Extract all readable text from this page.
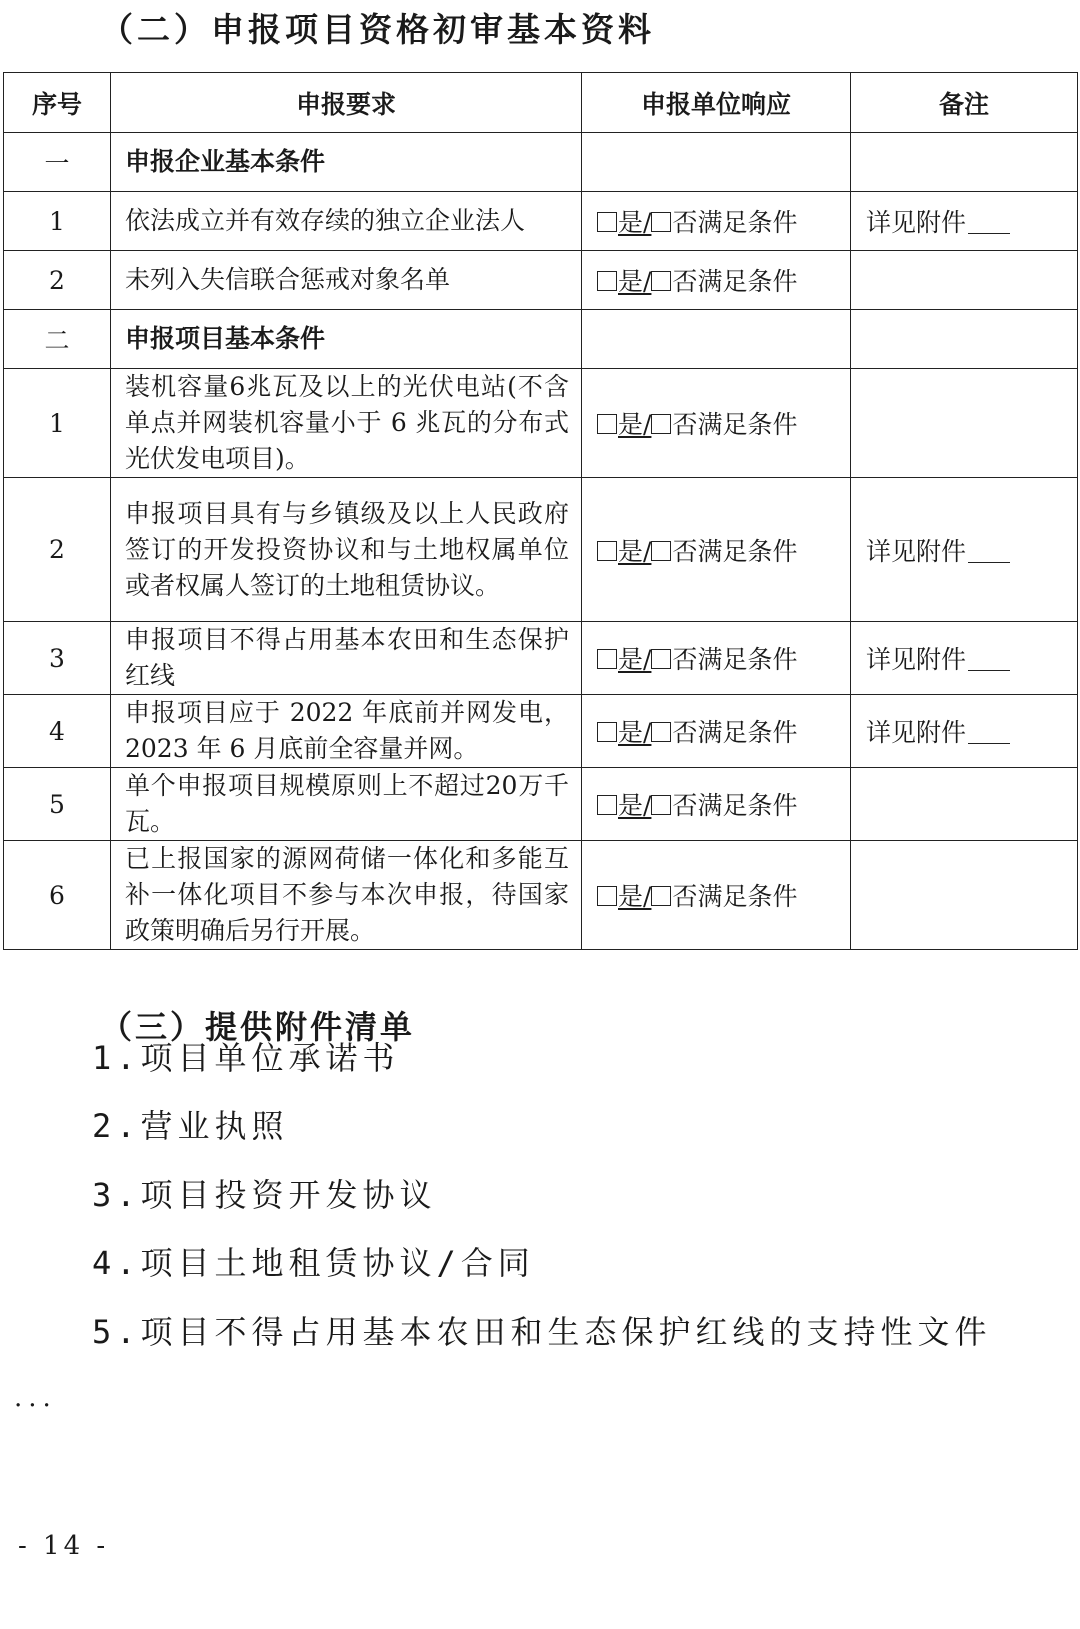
（二）申报项目资格初审基本资料
序号	申报要求	申报单位响应	备注
一	申报企业基本条件		
1	依法成立并有效存续的独立企业法人	是/ 否满足条件	详见附件
2	未列入失信联合惩戒对象名单	是/ 否满足条件	
二	申报项目基本条件		
1	装机容量6兆瓦及以上的光伏电站(不含单点并网装机容量小于 6 兆瓦的分布式光伏发电项目)。	是/ 否满足条件	
2	申报项目具有与乡镇级及以上人民政府签订的开发投资协议和与土地权属单位或者权属人签订的土地租赁协议。	是/ 否满足条件	详见附件
3	申报项目不得占用基本农田和生态保护红线	是/ 否满足条件	详见附件
4	申报项目应于 2022 年底前并网发电，2023 年 6 月底前全容量并网。	是/ 否满足条件	详见附件
5	单个申报项目规模原则上不超过20万千瓦。	是/ 否满足条件	
6	已上报国家的源网荷储一体化和多能互补一体化项目不参与本次申报，待国家政策明确后另行开展。	是/ 否满足条件	
（三）提供附件清单

1.项目单位承诺书

2.营业执照

3.项目投资开发协议

4.项目土地租赁协议/合同

5.项目不得占用基本农田和生态保护红线的支持性文件

...
- 14 -
